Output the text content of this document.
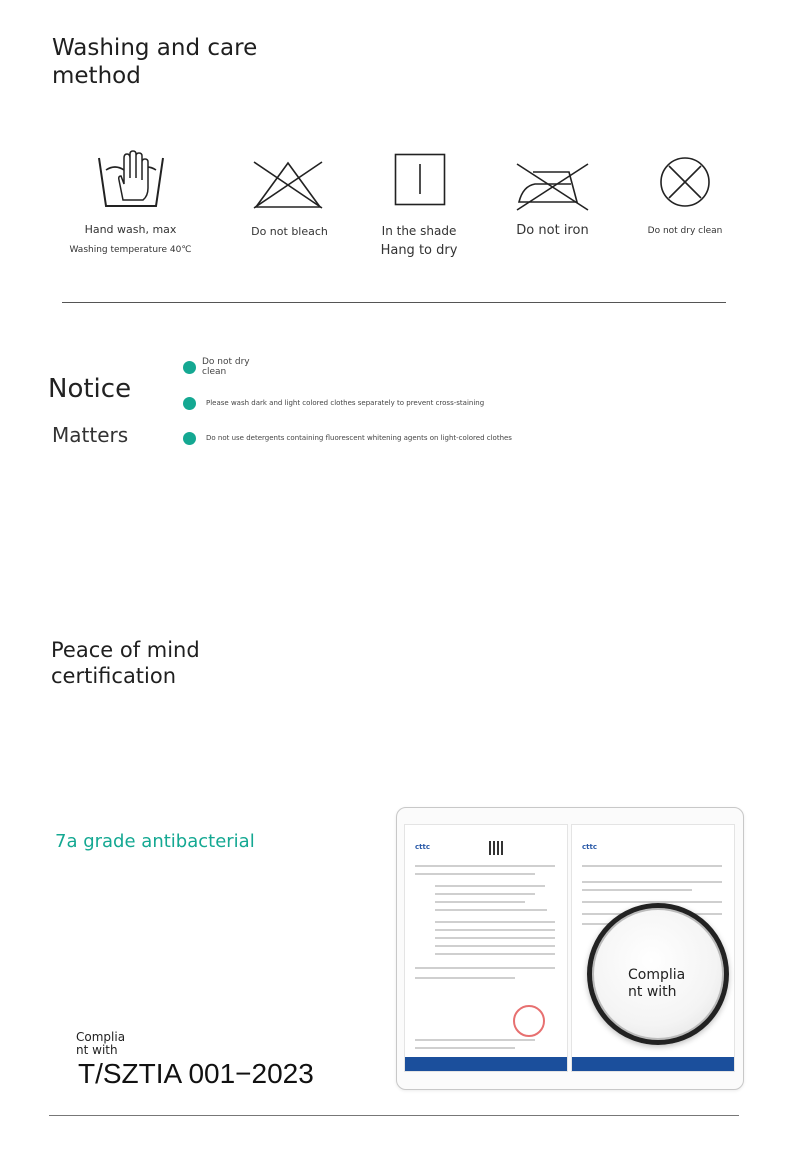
Washing and care
method
Hand wash, max
Washing temperature 40℃
Do not bleach	In the shade
Hang to dry
Do not iron	Do not dry clean
Notice
Matters
Do not dry
clean
Please wash dark and light colored clothes separately to prevent cross-staining
Do not use detergents containing fluorescent whitening agents on light-colored clothes
Peace of mind
certification
7a grade antibacterial
Complia
nt with
T/SZTIA 001−2023
cttc	cttc
Complia
nt with
